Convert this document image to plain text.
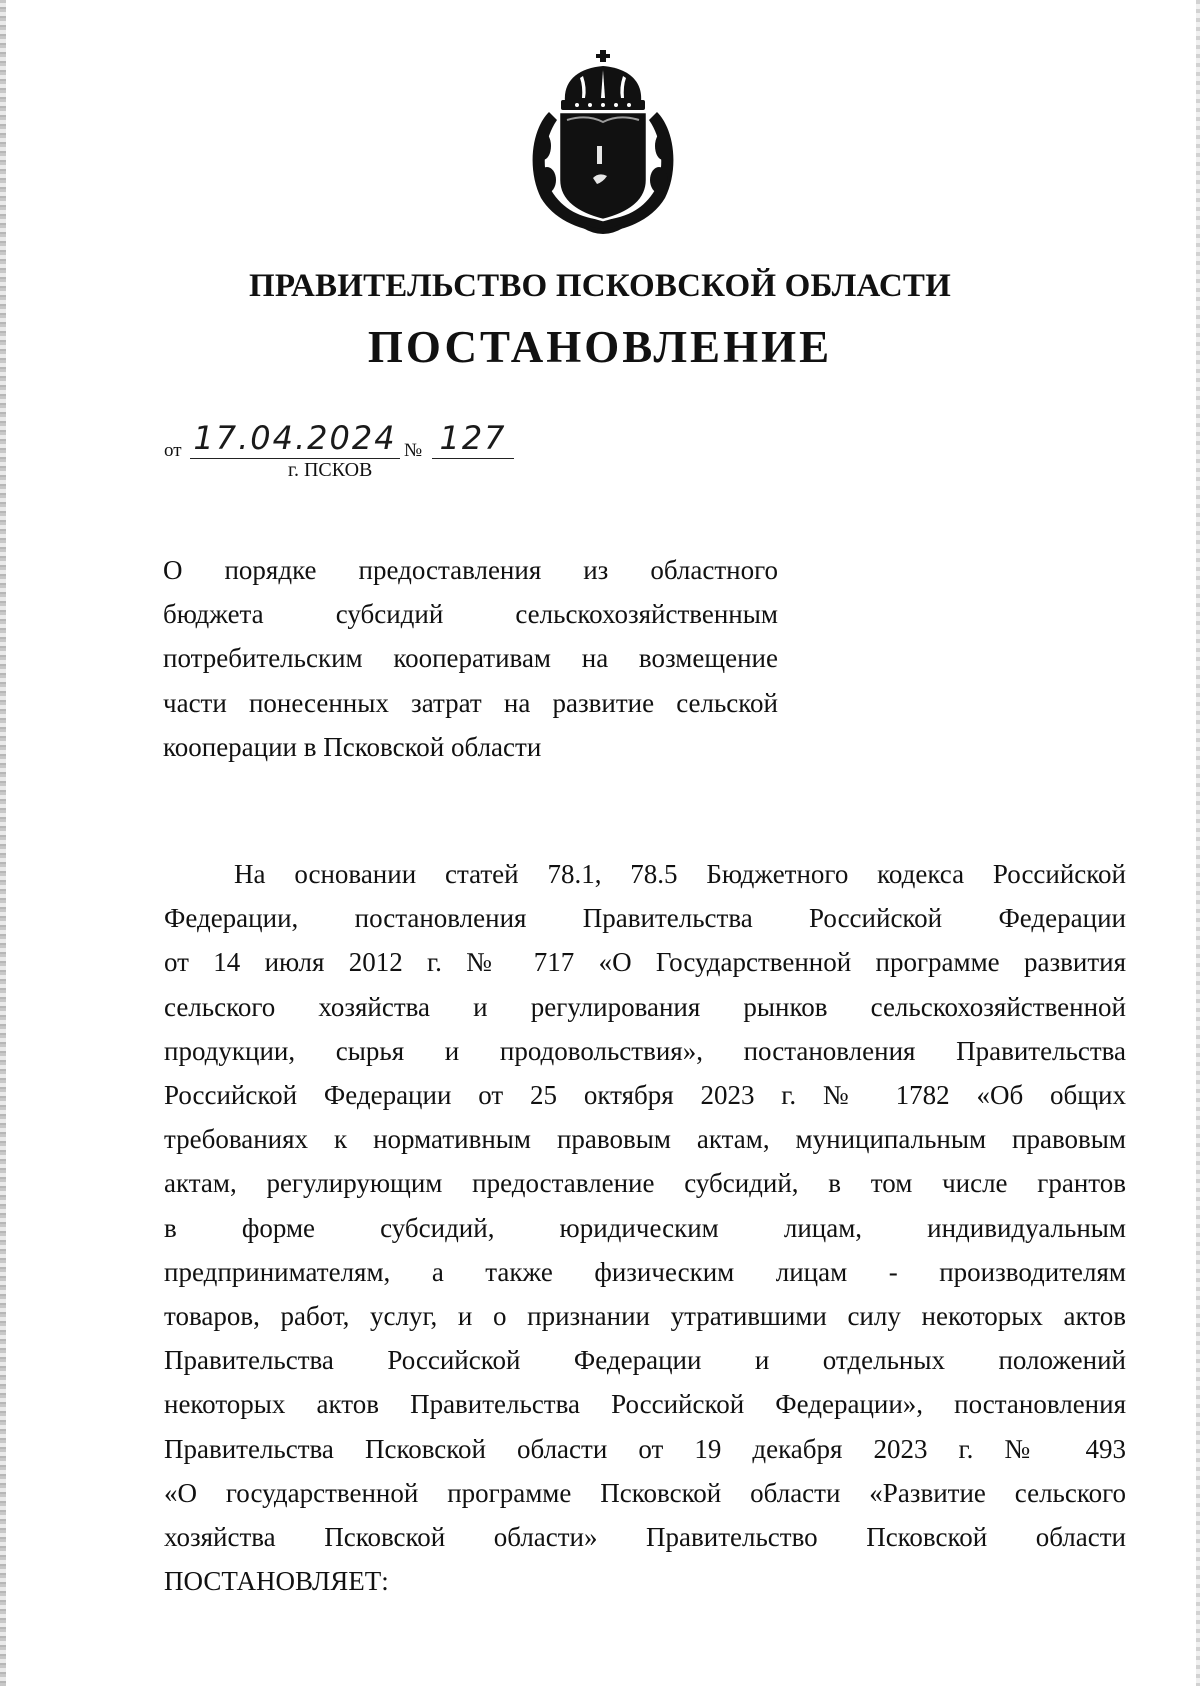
ПРАВИТЕЛЬСТВО ПСКОВСКОЙ ОБЛАСТИ
ПОСТАНОВЛЕНИЕ
от 17.04.2024 № 127
г. ПСКОВ
О порядке предоставления из областного
бюджета субсидий сельскохозяйственным
потребительским кооперативам на возмещение
части понесенных затрат на развитие сельской
кооперации в Псковской области
На основании статей 78.1, 78.5 Бюджетного кодекса Российской
Федерации, постановления Правительства Российской Федерации
от 14 июля 2012 г. № 717 «О Государственной программе развития
сельского хозяйства и регулирования рынков сельскохозяйственной
продукции, сырья и продовольствия», постановления Правительства
Российской Федерации от 25 октября 2023 г. № 1782 «Об общих
требованиях к нормативным правовым актам, муниципальным правовым
актам, регулирующим предоставление субсидий, в том числе грантов
в форме субсидий, юридическим лицам, индивидуальным
предпринимателям, а также физическим лицам - производителям
товаров, работ, услуг, и о признании утратившими силу некоторых актов
Правительства Российской Федерации и отдельных положений
некоторых актов Правительства Российской Федерации», постановления
Правительства Псковской области от 19 декабря 2023 г. № 493
«О государственной программе Псковской области «Развитие сельского
хозяйства Псковской области» Правительство Псковской области
ПОСТАНОВЛЯЕТ:
